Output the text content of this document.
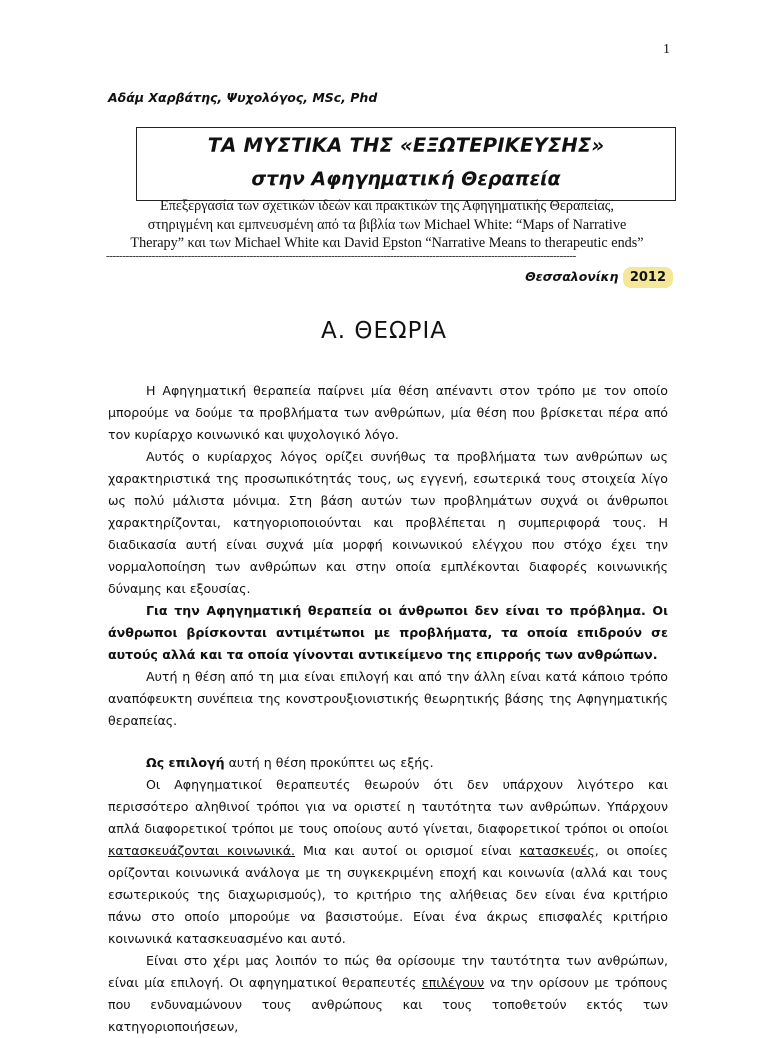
1
Αδάμ Χαρβάτης, Ψυχολόγος, MSc, Phd
ΤΑ ΜΥΣΤΙΚΑ ΤΗΣ «ΕΞΩΤΕΡΙΚΕΥΣΗΣ»
στην Αφηγηματική Θεραπεία
Επεξεργασία των σχετικών ιδεών και πρακτικών της Αφηγηματικής Θεραπείας,
στηριγμένη και εμπνευσμένη από τα βιβλία των Michael White: “Maps of Narrative
Therapy” και των Michael White και David Epston “Narrative Means to therapeutic ends”
------------------------------------------------------------------------------------------------------------------------------------------------
Θεσσαλονίκη 2012
Α. ΘΕΩΡΙΑ

Η Αφηγηματική θεραπεία παίρνει μία θέση απέναντι στον τρόπο με τον οποίο μπορούμε να δούμε τα προβλήματα των ανθρώπων, μία θέση που βρίσκεται πέρα από τον κυρίαρχο κοινωνικό και ψυχολογικό λόγο.

Αυτός ο κυρίαρχος λόγος ορίζει συνήθως τα προβλήματα των ανθρώπων ως χαρακτηριστικά της προσωπικότητάς τους, ως εγγενή, εσωτερικά τους στοιχεία λίγο ως πολύ μάλιστα μόνιμα. Στη βάση αυτών των προβλημάτων συχνά οι άνθρωποι χαρακτηρίζονται, κατηγοριοποιούνται και προβλέπεται η συμπεριφορά τους. Η διαδικασία αυτή είναι συχνά μία μορφή κοινωνικού ελέγχου που στόχο έχει την νορμαλοποίηση των ανθρώπων και στην οποία εμπλέκονται διαφορές κοινωνικής δύναμης και εξουσίας.

Για την Αφηγηματική θεραπεία οι άνθρωποι δεν είναι το πρόβλημα. Οι άνθρωποι βρίσκονται αντιμέτωποι με προβλήματα, τα οποία επιδρούν σε αυτούς αλλά και τα οποία γίνονται αντικείμενο της επιρροής των ανθρώπων.

Αυτή η θέση από τη μια είναι επιλογή και από την άλλη είναι κατά κάποιο τρόπο αναπόφευκτη συνέπεια της κονστρουξιονιστικής θεωρητικής βάσης της Αφηγηματικής θεραπείας.

Ως επιλογή αυτή η θέση προκύπτει ως εξής.

Οι Αφηγηματικοί θεραπευτές θεωρούν ότι δεν υπάρχουν λιγότερο και περισσότερο αληθινοί τρόποι για να οριστεί η ταυτότητα των ανθρώπων. Υπάρχουν απλά διαφορετικοί τρόποι με τους οποίους αυτό γίνεται, διαφορετικοί τρόποι οι οποίοι κατασκευάζονται κοινωνικά. Μια και αυτοί οι ορισμοί είναι κατασκευές, οι οποίες ορίζονται κοινωνικά ανάλογα με τη συγκεκριμένη εποχή και κοινωνία (αλλά και τους εσωτερικούς της διαχωρισμούς), το κριτήριο της αλήθειας δεν είναι ένα κριτήριο πάνω στο οποίο μπορούμε να βασιστούμε. Είναι ένα άκρως επισφαλές κριτήριο κοινωνικά κατασκευασμένο και αυτό.

Είναι στο χέρι μας λοιπόν το πώς θα ορίσουμε την ταυτότητα των ανθρώπων, είναι μία επιλογή. Οι αφηγηματικοί θεραπευτές επιλέγουν να την ορίσουν με τρόπους που ενδυναμώνουν τους ανθρώπους και τους τοποθετούν εκτός των κατηγοριοποιήσεων,
